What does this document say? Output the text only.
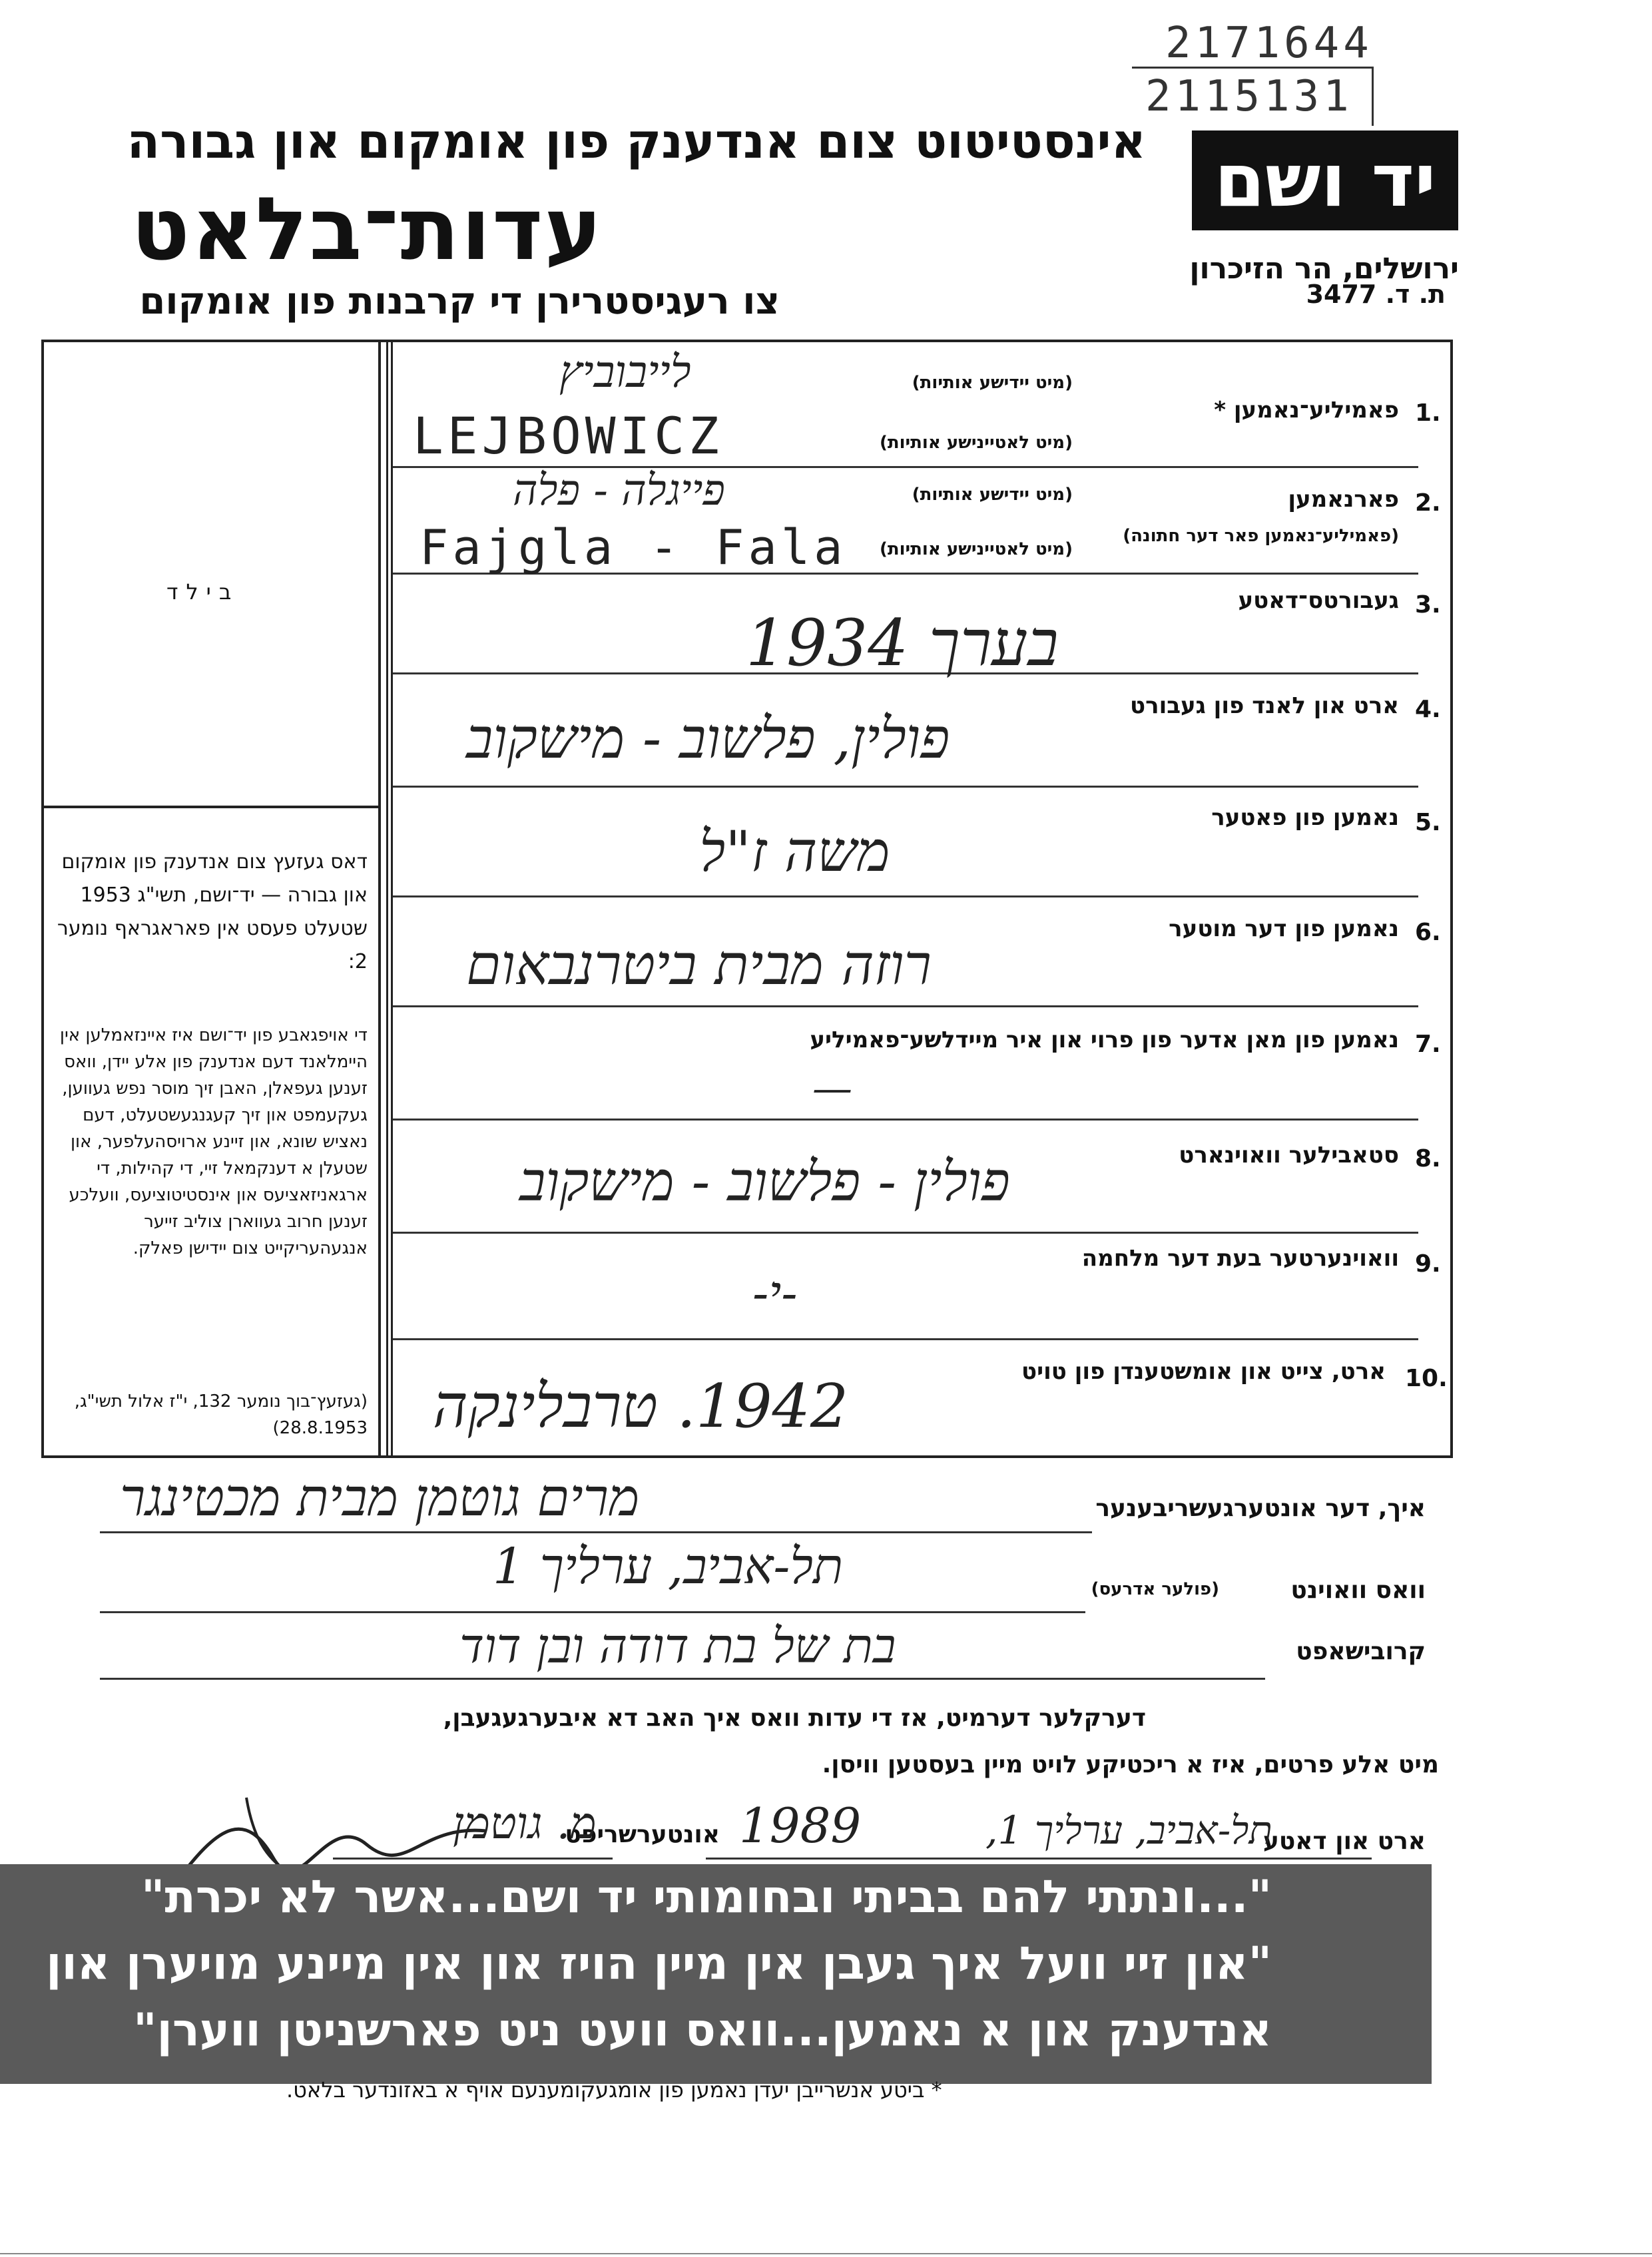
2171644
2115131
יד ושם
ירושלים, הר הזיכרון
ת. ד. 3477
אינסטיטוט צום אנדענק פון אומקום און גבורה
עדות־בלאט
צו רעגיסטרירן די קרבנות פון אומקום
בילד
דאס געזעץ צום אנדענק פון אומקום און גבורה — יד־ושם, תשי"ג 1953 שטעלט פעסט אין פאראגראף נומער 2:
די אויפגאבע פון יד־ושם איז איינזאמלען אין היימלאנד דעם אנדענק פון אלע יידן, וואס זענען געפאלן, האבן זיך מוסר נפש געווען, געקעמפט און זיך קעגנגעשטעלט, דעם נאציש שונא, און זיינע ארויסהעלפער, און שטעלן א דענקמאל זיי, די קהילות, די ארגאניזאציעס און אינסטיטוציעס, וועלכע זענען חרוב געווארן צוליב זייער אנגעהעריקייט צום יידישן פאלק.
(געזעץ־בוך נומער 132, י"ז אלול תשי"ג, 28.8.1953)
1.
פאמיליע־נאמען *
(מיט יידישע אותיות)
(מיט לאטיינישע אותיות)
לייבוביץ
LEJBOWICZ
2.
פארנאמען
(פאמיליע־נאמען פאר דער חתונה)
(מיט יידישע אותיות)
(מיט לאטיינישע אותיות)
פייגלה - פלה
Fajgla - Fala
3.
געבורטס־דאטע
בערך 1934
4.
ארט און לאנד פון געבורט
פולין, פלשוב - מישקוב
5.
נאמען פון פאטער
משה ז"ל
6.
נאמען פון דער מוטער
רוזה מבית ביטרנבאום
7.
נאמען פון מאן אדער פון פרוי און איר מיידלשע־פאמיליע
—
8.
סטאבילער וואוינארט
פולין - פלשוב - מישקוב
9.
וואוינערטער בעת דער מלחמה
-י-
10.
ארט, צייט און אומשטענדן פון טויט
1942. טרבלינקה
איך, דער אונטערגעשריבענער
מרים גוטמן מבית מכטינגר
וואס וואוינט
(פולער אדרעס)
תל-אביב, ערליך 1
קרובישאפט
בת של בת דודה ובן דוד
דערקלער דערמיט, אז די עדות וואס איך האב דא איבערגעגעבן,
מיט אלע פרטים, איז א ריכטיקע לויט מיין בעסטען וויסן.
ארט און דאטע
תל-אביב, ערליך 1,
1989
אונטערשריפט
מ. גוטמן
"...ונתתי להם בביתי ובחומותי יד ושם...אשר לא יכרת"
"און זיי וועל איך געבן אין מיין הויז און אין מיינע מויערן און
אנדענק און א נאמען...וואס וועט ניט פארשניטן ווערן"
* ביטע אנשרייבן יעדן נאמען פון אומגעקומענעם אויף א באזונדער בלאט.
